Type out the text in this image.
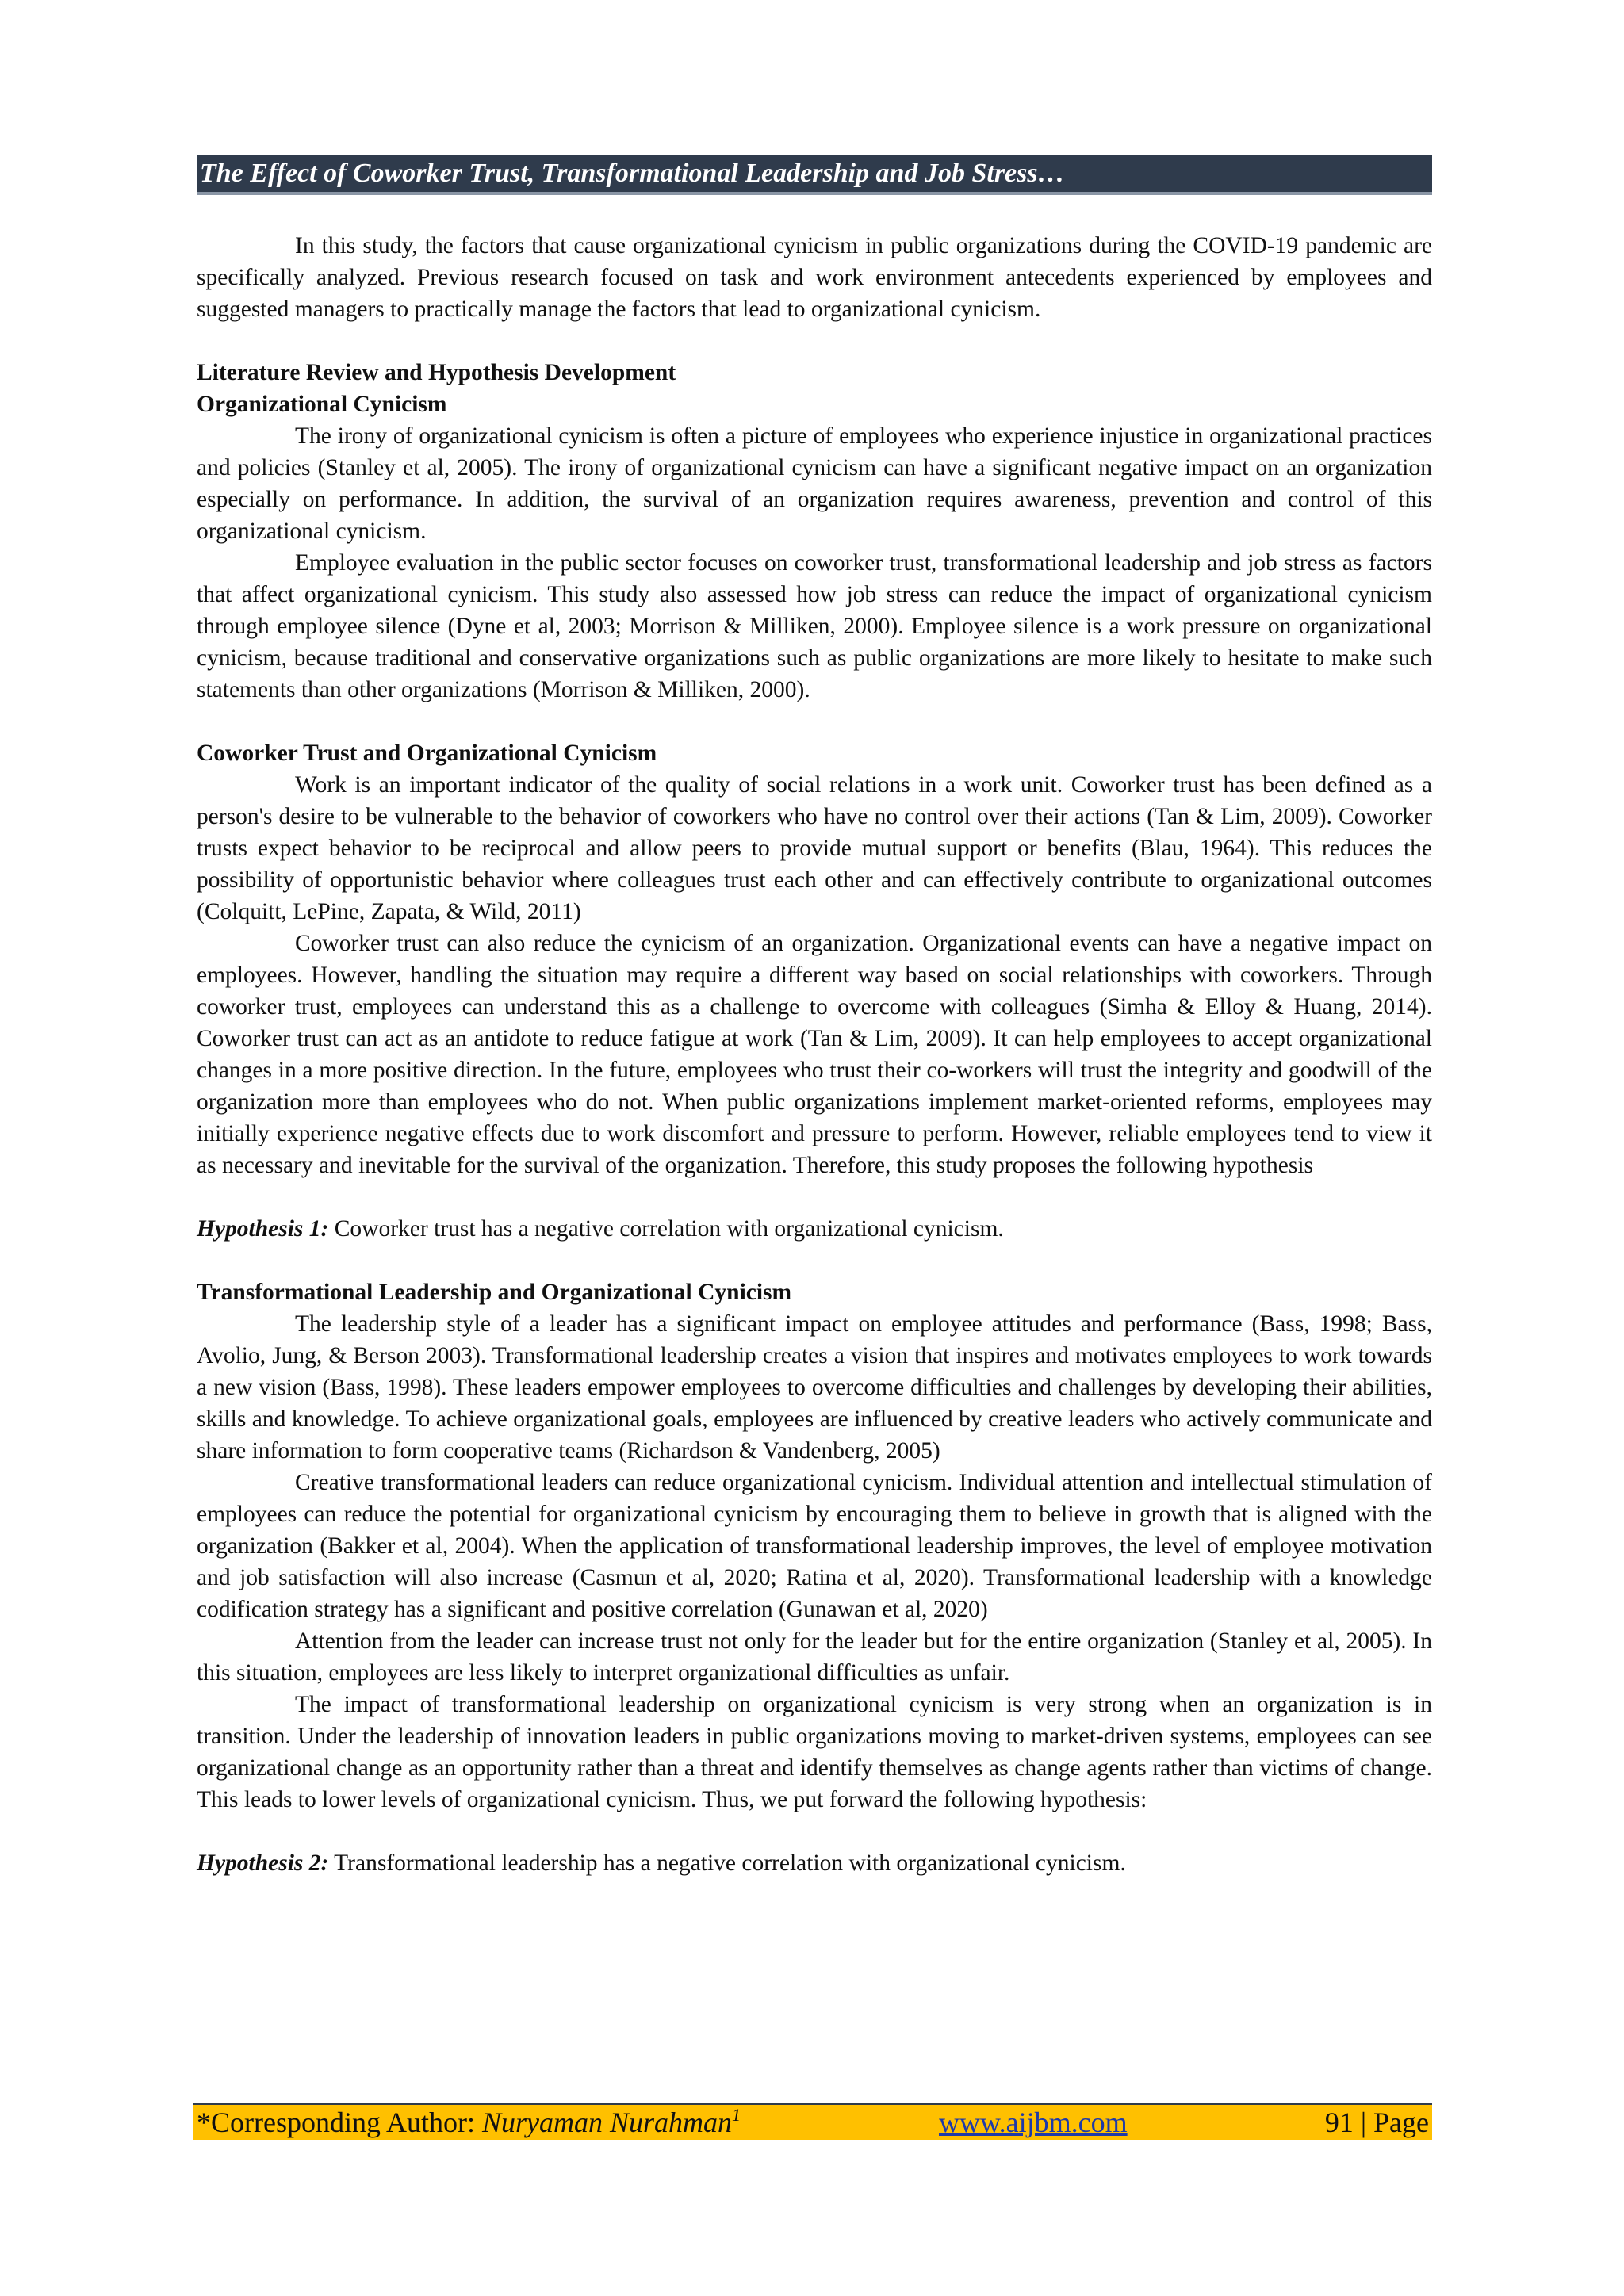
The Effect of Coworker Trust, Transformational Leadership and Job Stress…

In this study, the factors that cause organizational cynicism in public organizations during the COVID-19 pandemic are specifically analyzed. Previous research focused on task and work environment antecedents experienced by employees and suggested managers to practically manage the factors that lead to organizational cynicism.

Literature Review and Hypothesis Development
Organizational Cynicism

The irony of organizational cynicism is often a picture of employees who experience injustice in organizational practices and policies (Stanley et al, 2005). The irony of organizational cynicism can have a significant negative impact on an organization especially on performance. In addition, the survival of an organization requires awareness, prevention and control of this organizational cynicism.

Employee evaluation in the public sector focuses on coworker trust, transformational leadership and job stress as factors that affect organizational cynicism. This study also assessed how job stress can reduce the impact of organizational cynicism through employee silence (Dyne et al, 2003; Morrison & Milliken, 2000). Employee silence is a work pressure on organizational cynicism, because traditional and conservative organizations such as public organizations are more likely to hesitate to make such statements than other organizations (Morrison & Milliken, 2000).

Coworker Trust and Organizational Cynicism

Work is an important indicator of the quality of social relations in a work unit. Coworker trust has been defined as a person's desire to be vulnerable to the behavior of coworkers who have no control over their actions (Tan & Lim, 2009). Coworker trusts expect behavior to be reciprocal and allow peers to provide mutual support or benefits (Blau, 1964). This reduces the possibility of opportunistic behavior where colleagues trust each other and can effectively contribute to organizational outcomes (Colquitt, LePine, Zapata, & Wild, 2011)

Coworker trust can also reduce the cynicism of an organization. Organizational events can have a negative impact on employees. However, handling the situation may require a different way based on social relationships with coworkers. Through coworker trust, employees can understand this as a challenge to overcome with colleagues (Simha & Elloy & Huang, 2014). Coworker trust can act as an antidote to reduce fatigue at work (Tan & Lim, 2009). It can help employees to accept organizational changes in a more positive direction. In the future, employees who trust their co-workers will trust the integrity and goodwill of the organization more than employees who do not. When public organizations implement market-oriented reforms, employees may initially experience negative effects due to work discomfort and pressure to perform. However, reliable employees tend to view it as necessary and inevitable for the survival of the organization. Therefore, this study proposes the following hypothesis

Hypothesis 1: Coworker trust has a negative correlation with organizational cynicism.

Transformational Leadership and Organizational Cynicism

The leadership style of a leader has a significant impact on employee attitudes and performance (Bass, 1998; Bass, Avolio, Jung, & Berson 2003). Transformational leadership creates a vision that inspires and motivates employees to work towards a new vision (Bass, 1998). These leaders empower employees to overcome difficulties and challenges by developing their abilities, skills and knowledge. To achieve organizational goals, employees are influenced by creative leaders who actively communicate and share information to form cooperative teams (Richardson & Vandenberg, 2005)

Creative transformational leaders can reduce organizational cynicism. Individual attention and intellectual stimulation of employees can reduce the potential for organizational cynicism by encouraging them to believe in growth that is aligned with the organization (Bakker et al, 2004). When the application of transformational leadership improves, the level of employee motivation and job satisfaction will also increase (Casmun et al, 2020; Ratina et al, 2020). Transformational leadership with a knowledge codification strategy has a significant and positive correlation (Gunawan et al, 2020)

Attention from the leader can increase trust not only for the leader but for the entire organization (Stanley et al, 2005). In this situation, employees are less likely to interpret organizational difficulties as unfair.

The impact of transformational leadership on organizational cynicism is very strong when an organization is in transition. Under the leadership of innovation leaders in public organizations moving to market-driven systems, employees can see organizational change as an opportunity rather than a threat and identify themselves as change agents rather than victims of change. This leads to lower levels of organizational cynicism. Thus, we put forward the following hypothesis:

Hypothesis 2: Transformational leadership has a negative correlation with organizational cynicism.

*Corresponding Author: Nuryaman Nurahman$^1$	www.aijbm.com	91 | Page
